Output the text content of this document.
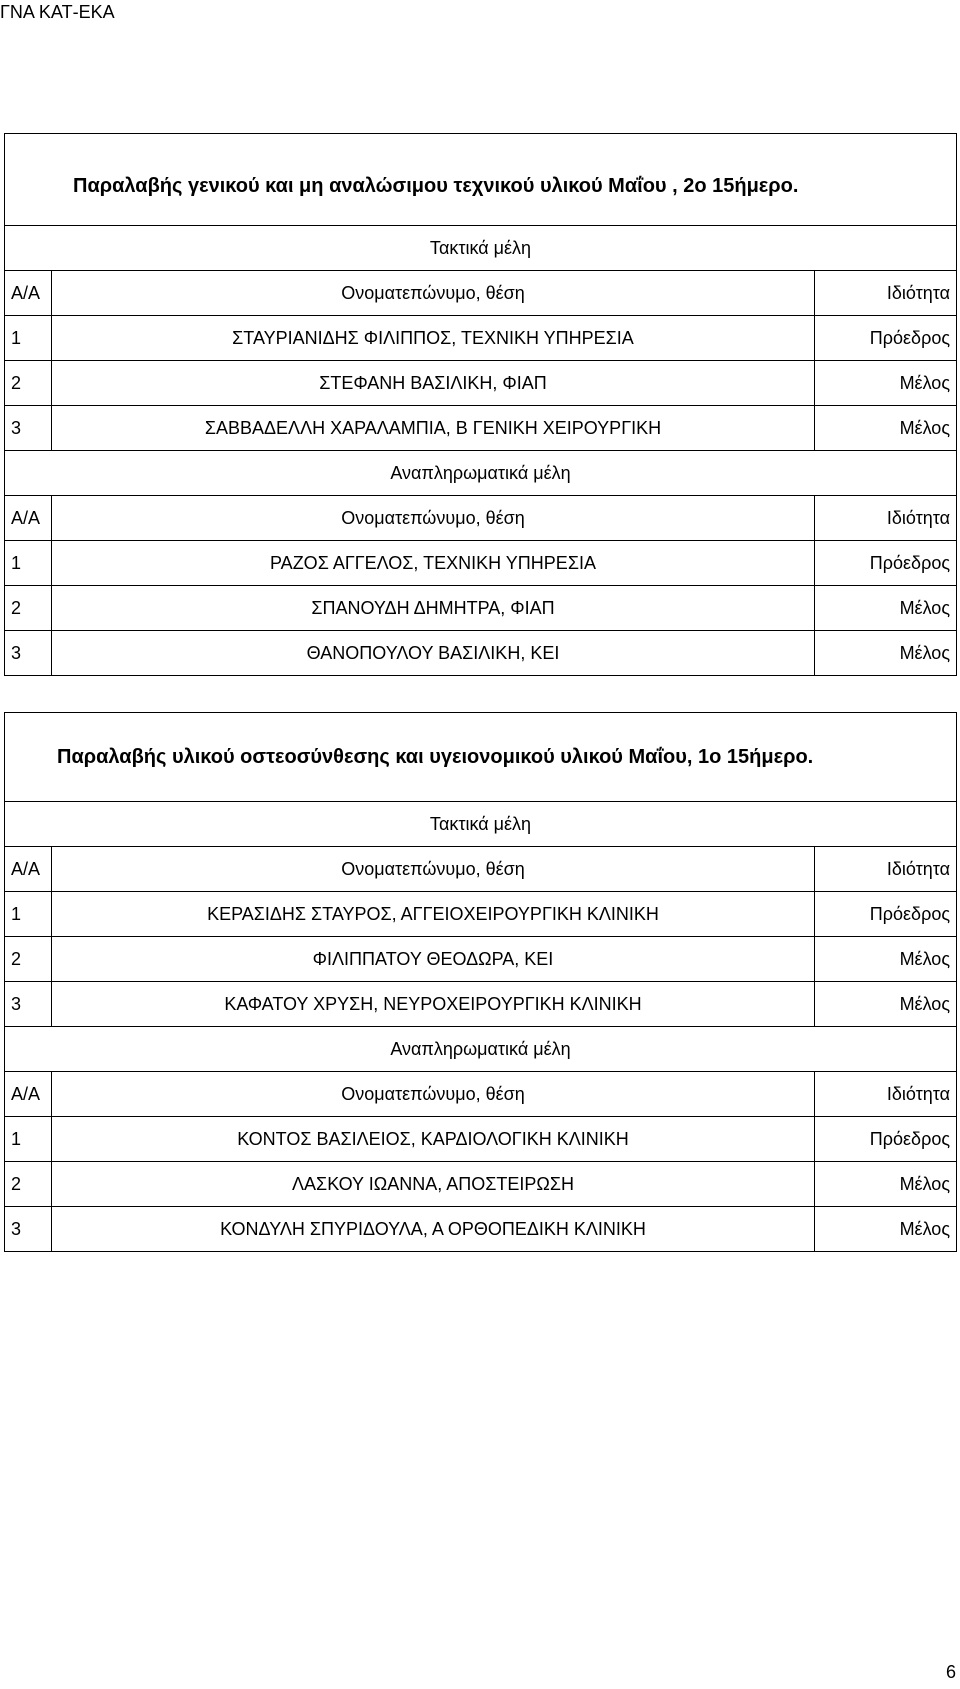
ΓΝΑ ΚΑΤ-ΕΚΑ
Παραλαβής γενικού και μη αναλώσιμου τεχνικού υλικού Μαΐου , 2ο 15ήμερο.		

Τακτικά μέλη		
Α/Α	Ονοματεπώνυμο, θέση	Ιδιότητα
1	ΣΤΑΥΡΙΑΝΙΔΗΣ ΦΙΛΙΠΠΟΣ, ΤΕΧΝΙΚΗ ΥΠΗΡΕΣΙΑ	Πρόεδρος
2	ΣΤΕΦΑΝΗ ΒΑΣΙΛΙΚΗ, ΦΙΑΠ	Μέλος
3	ΣΑΒΒΑΔΕΛΛΗ ΧΑΡΑΛΑΜΠΙΑ, Β ΓΕΝΙΚΗ ΧΕΙΡΟΥΡΓΙΚΗ	Μέλος
Αναπληρωματικά μέλη		
Α/Α	Ονοματεπώνυμο, θέση	Ιδιότητα
1	ΡΑΖΟΣ ΑΓΓΕΛΟΣ, ΤΕΧΝΙΚΗ ΥΠΗΡΕΣΙΑ	Πρόεδρος
2	ΣΠΑΝΟΥΔΗ ΔΗΜΗΤΡΑ, ΦΙΑΠ	Μέλος
3	ΘΑΝΟΠΟΥΛΟΥ ΒΑΣΙΛΙΚΗ, ΚΕΙ	Μέλος
Παραλαβής υλικού οστεοσύνθεσης και υγειονομικού υλικού Μαΐου, 1ο 15ήμερο.		

Τακτικά μέλη		
Α/Α	Ονοματεπώνυμο, θέση	Ιδιότητα
1	ΚΕΡΑΣΙΔΗΣ ΣΤΑΥΡΟΣ, ΑΓΓΕΙΟΧΕΙΡΟΥΡΓΙΚΗ ΚΛΙΝΙΚΗ	Πρόεδρος
2	ΦΙΛΙΠΠΑΤΟΥ ΘΕΟΔΩΡΑ, ΚΕΙ	Μέλος
3	ΚΑΦΑΤΟΥ ΧΡΥΣΗ, ΝΕΥΡΟΧΕΙΡΟΥΡΓΙΚΗ ΚΛΙΝΙΚΗ	Μέλος
Αναπληρωματικά μέλη		
Α/Α	Ονοματεπώνυμο, θέση	Ιδιότητα
1	ΚΟΝΤΟΣ ΒΑΣΙΛΕΙΟΣ, ΚΑΡΔΙΟΛΟΓΙΚΗ ΚΛΙΝΙΚΗ	Πρόεδρος
2	ΛΑΣΚΟΥ ΙΩΑΝΝΑ, ΑΠΟΣΤΕΙΡΩΣΗ	Μέλος
3	ΚΟΝΔΥΛΗ ΣΠΥΡΙΔΟΥΛΑ, Α ΟΡΘΟΠΕΔΙΚΗ ΚΛΙΝΙΚΗ	Μέλος
6
